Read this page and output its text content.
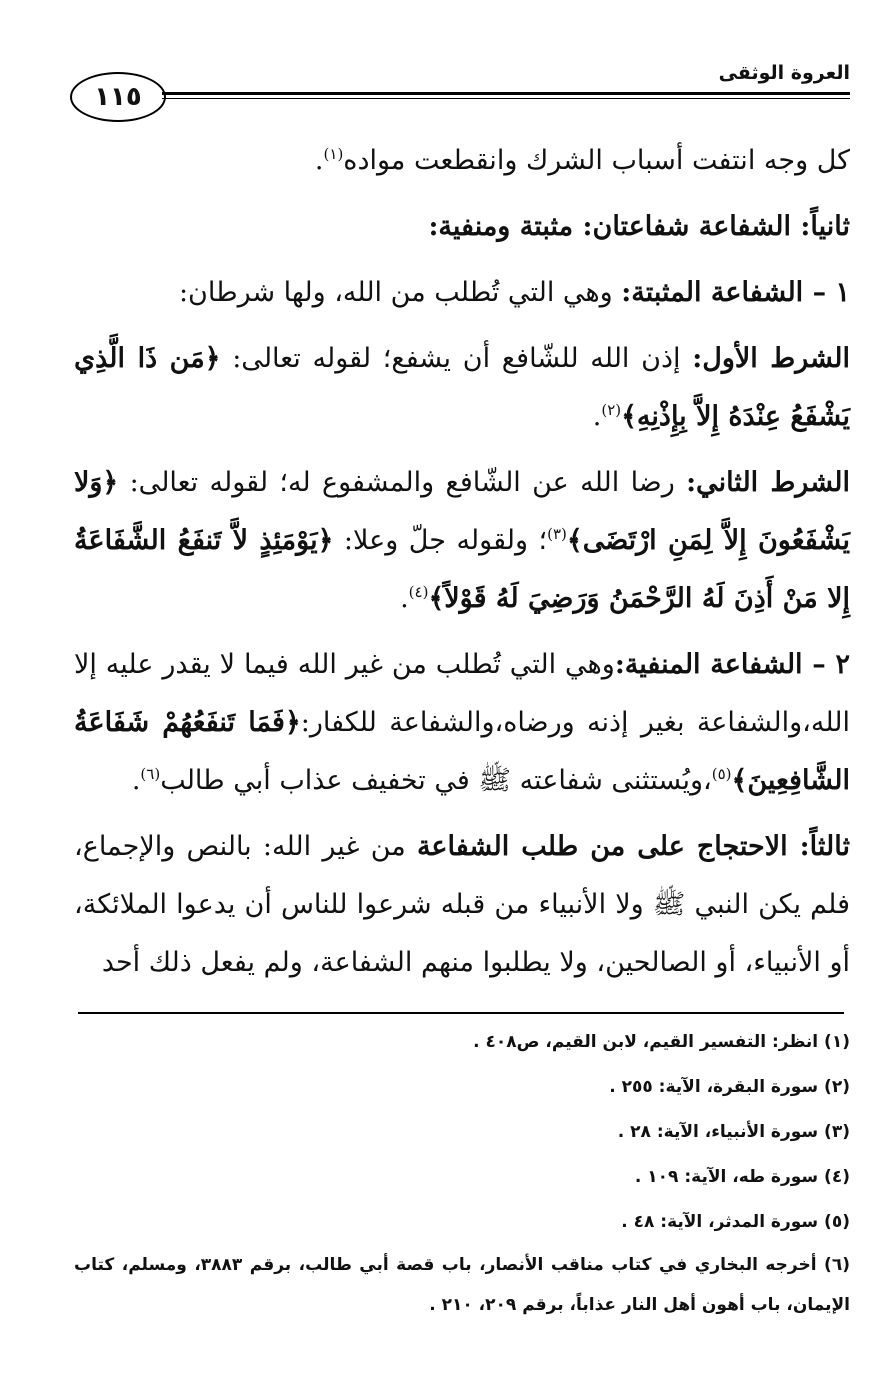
١١٥
العروة الوثقى

كل وجه انتفت أسباب الشرك وانقطعت مواده$^{(١)}$.

ثانياً: الشفاعة شفاعتان: مثبتة ومنفية:

١ – الشفاعة المثبتة: وهي التي تُطلب من الله، ولها شرطان:

الشرط الأول: إذن الله للشّافع أن يشفع؛ لقوله تعالى: ﴿مَن ذَا الَّذِي يَشْفَعُ عِنْدَهُ إِلاَّ بِإِذْنِهِ﴾$^{(٢)}$.

الشرط الثاني: رضا الله عن الشّافع والمشفوع له؛ لقوله تعالى: ﴿وَلا يَشْفَعُونَ إِلاَّ لِمَنِ ارْتَضَى﴾$^{(٣)}$؛ ولقوله جلّ وعلا: ﴿يَوْمَئِذٍ لاَّ تَنفَعُ الشَّفَاعَةُ إِلا مَنْ أَذِنَ لَهُ الرَّحْمَنُ وَرَضِيَ لَهُ قَوْلاً﴾$^{(٤)}$.

٢ – الشفاعة المنفية:وهي التي تُطلب من غير الله فيما لا يقدر عليه إلا الله،والشفاعة بغير إذنه ورضاه،والشفاعة للكفار:﴿فَمَا تَنفَعُهُمْ شَفَاعَةُ الشَّافِعِينَ﴾$^{(٥)}$،ويُستثنى شفاعته ﷺ في تخفيف عذاب أبي طالب$^{(٦)}$.

ثالثاً: الاحتجاج على من طلب الشفاعة من غير الله: بالنص والإجماع، فلم يكن النبي ﷺ ولا الأنبياء من قبله شرعوا للناس أن يدعوا الملائكة، أو الأنبياء، أو الصالحين، ولا يطلبوا منهم الشفاعة، ولم يفعل ذلك أحد

(١) انظر: التفسير القيم، لابن القيم، ص٤٠٨ .
(٢) سورة البقرة، الآية: ٢٥٥ .
(٣) سورة الأنبياء، الآية: ٢٨ .
(٤) سورة طه، الآية: ١٠٩ .
(٥) سورة المدثر، الآية: ٤٨ .
(٦) أخرجه البخاري في كتاب مناقب الأنصار، باب قصة أبي طالب، برقم ٣٨٨٣، ومسلم، كتاب الإيمان، باب أهون أهل النار عذاباً، برقم ٢٠٩، ٢١٠ .
